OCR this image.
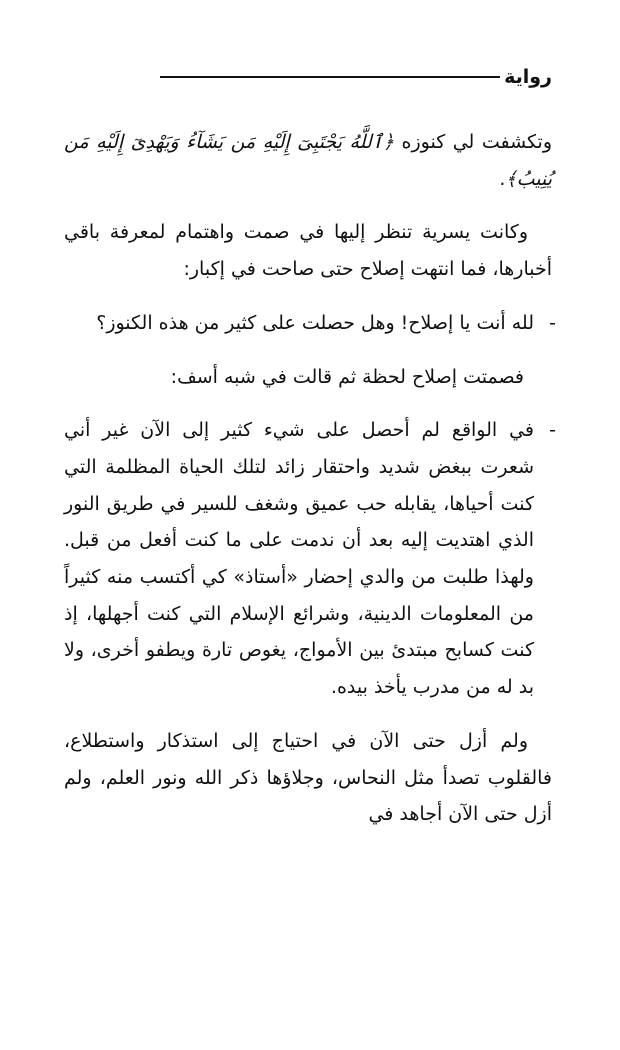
رواية

وتكشفت لي كنوزه ﴿ٱللَّهُ يَجْتَبِىٓ إِلَيْهِ مَن يَشَآءُ وَيَهْدِىٓ إِلَيْهِ مَن يُنِيبُ﴾.

وكانت يسرية تنظر إليها في صمت واهتمام لمعرفة باقي أخبارها، فما انتهت إصلاح حتى صاحت في إكبار:

-
لله أنت يا إصلاح! وهل حصلت على كثير من هذه الكنوز؟

فصمتت إصلاح لحظة ثم قالت في شبه أسف:

-
في الواقع لم أحصل على شيء كثير إلى الآن غير أني شعرت ببغض شديد واحتقار زائد لتلك الحياة المظلمة التي كنت أحياها، يقابله حب عميق وشغف للسير في طريق النور الذي اهتديت إليه بعد أن ندمت على ما كنت أفعل من قبل. ولهذا طلبت من والدي إحضار «أستاذ» كي أكتسب منه كثيراً من المعلومات الدينية، وشرائع الإسلام التي كنت أجهلها، إذ كنت كسابح مبتدئ بين الأمواج، يغوص تارة ويطفو أخرى، ولا بد له من مدرب يأخذ بيده.

ولم أزل حتى الآن في احتياج إلى استذكار واستطلاع، فالقلوب تصدأ مثل النحاس، وجلاؤها ذكر الله ونور العلم، ولم أزل حتى الآن أجاهد في
